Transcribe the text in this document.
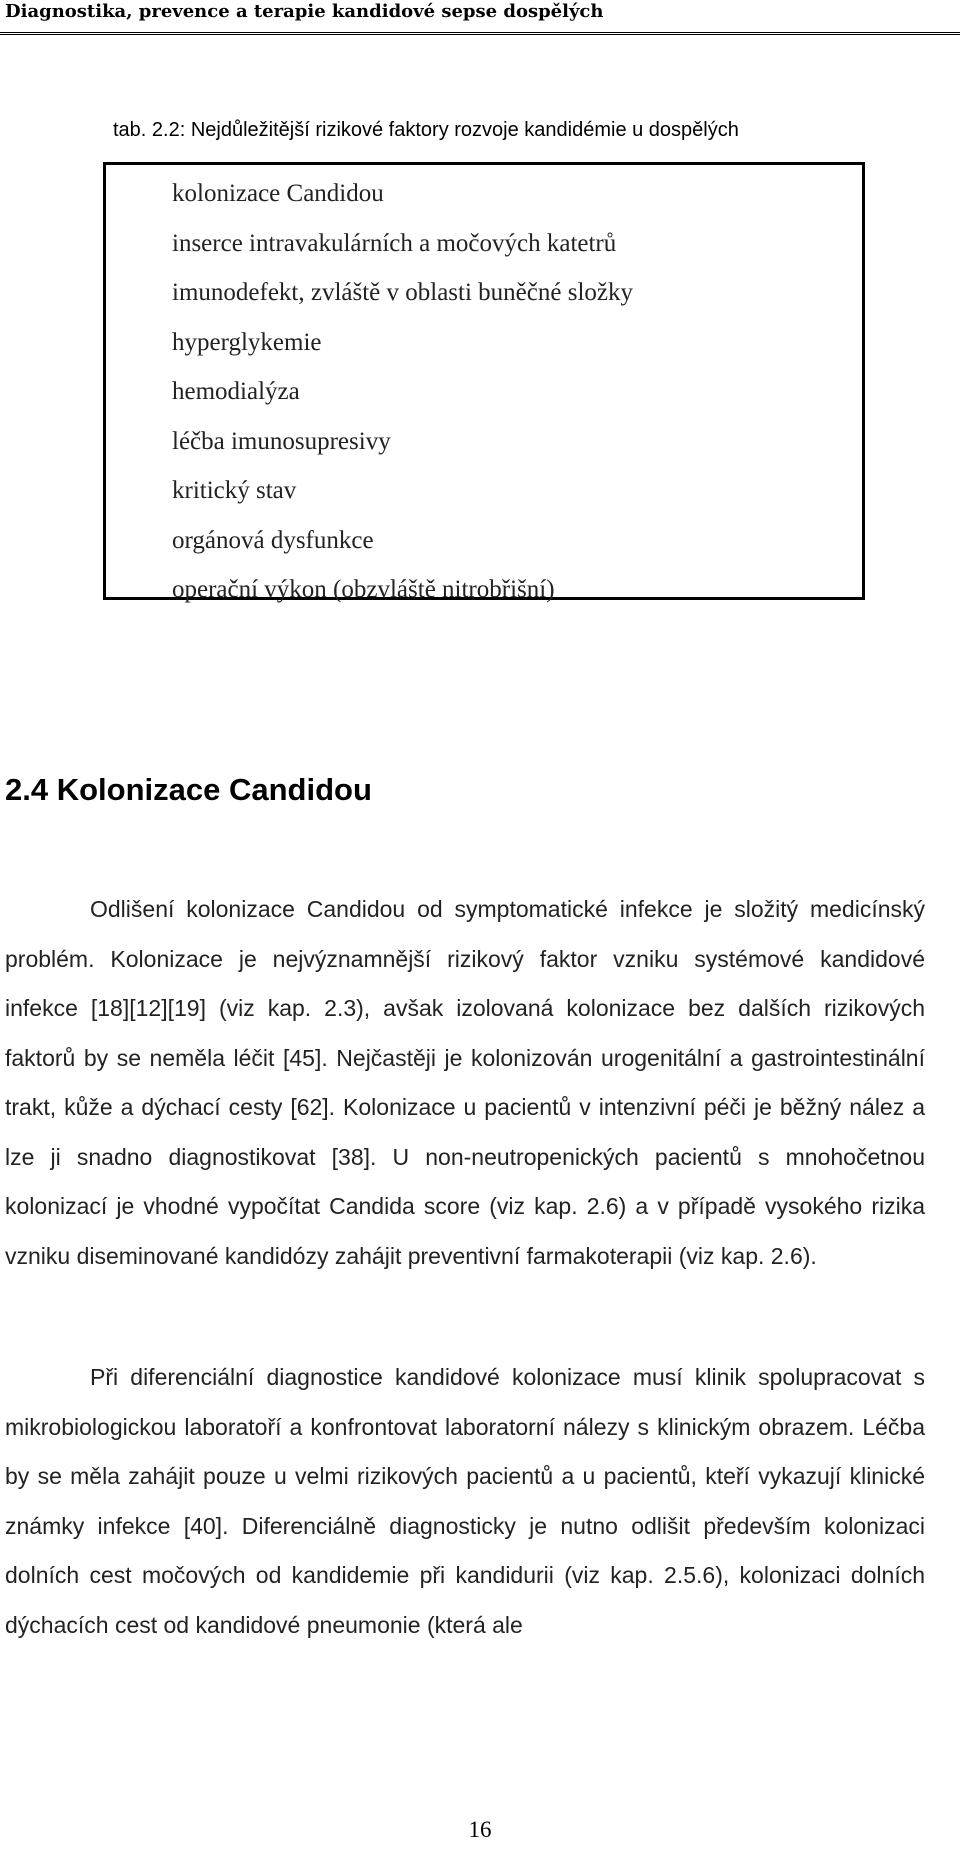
Diagnostika, prevence a terapie kandidové sepse dospělých
tab. 2.2: Nejdůležitější rizikové faktory rozvoje kandidémie u dospělých
kolonizace Candidou
inserce intravakulárních a močových katetrů
imunodefekt, zvláště v oblasti buněčné složky
hyperglykemie
hemodialýza
léčba imunosupresivy
kritický stav
orgánová dysfunkce
operační výkon (obzvláště nitrobřišní)
2.4 Kolonizace Candidou

Odlišení kolonizace Candidou od symptomatické infekce je složitý medicínský problém. Kolonizace je nejvýznamnější rizikový faktor vzniku systémové kandidové infekce [18][12][19] (viz kap. 2.3), avšak izolovaná kolonizace bez dalších rizikových faktorů by se neměla léčit [45]. Nejčastěji je kolonizován urogenitální a gastrointestinální trakt, kůže a dýchací cesty [62]. Kolonizace u pacientů v intenzivní péči je běžný nález a lze ji snadno diagnostikovat [38]. U non-neutropenických pacientů s mnohočetnou kolonizací je vhodné vypočítat Candida score (viz kap. 2.6) a v případě vysokého rizika vzniku diseminované kandidózy zahájit preventivní farmakoterapii (viz kap. 2.6).

Při diferenciální diagnostice kandidové kolonizace musí klinik spolupracovat s mikrobiologickou laboratoří a konfrontovat laboratorní nálezy s klinickým obrazem. Léčba by se měla zahájit pouze u velmi rizikových pacientů a u pacientů, kteří vykazují klinické známky infekce [40]. Diferenciálně diagnosticky je nutno odlišit především kolonizaci dolních cest močových od kandidemie při kandidurii (viz kap. 2.5.6), kolonizaci dolních dýchacích cest od kandidové pneumonie (která ale

16
